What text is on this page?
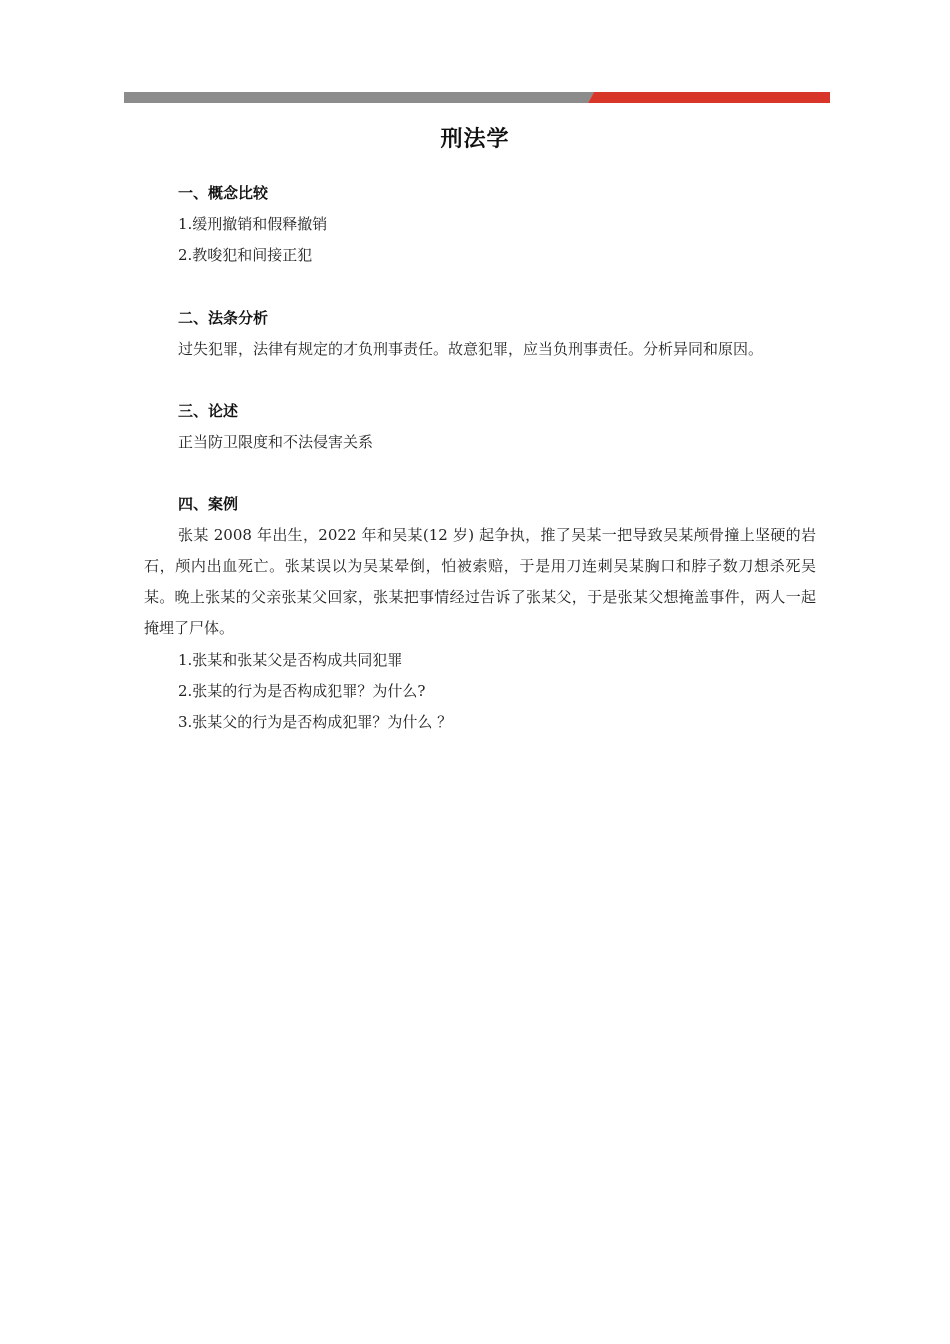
刑法学
一、概念比较
1.缓刑撤销和假释撤销
2.教唆犯和间接正犯
二、法条分析
过失犯罪，法律有规定的才负刑事责任。故意犯罪，应当负刑事责任。分析异同和原因。
三、论述
正当防卫限度和不法侵害关系
四、案例
张某 2008 年出生，2022 年和吴某(12 岁) 起争执，推了吴某一把导致吴某颅骨撞上坚硬的岩石，颅内出血死亡。张某误以为吴某晕倒，怕被索赔，于是用刀连刺吴某胸口和脖子数刀想杀死吴某。晚上张某的父亲张某父回家，张某把事情经过告诉了张某父，于是张某父想掩盖事件，两人一起掩埋了尸体。
1.张某和张某父是否构成共同犯罪
2.张某的行为是否构成犯罪？为什么?
3.张某父的行为是否构成犯罪？为什么 ？
